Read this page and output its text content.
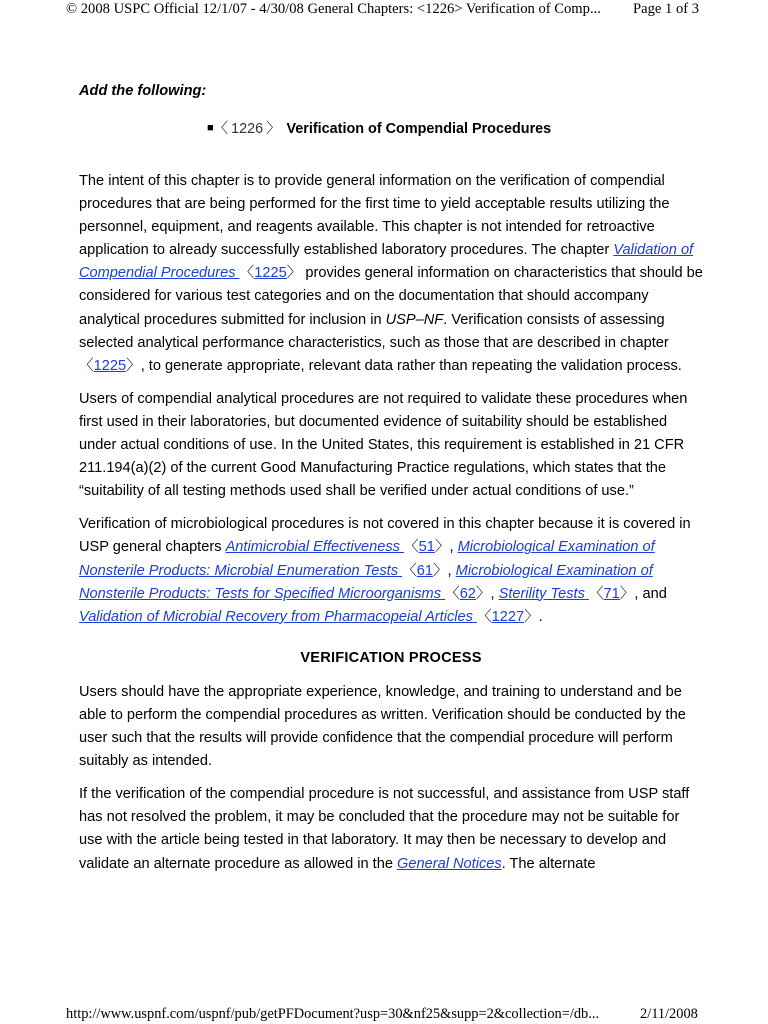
© 2008 USPC Official 12/1/07 - 4/30/08 General Chapters: <1226> Verification of Comp... Page 1 of 3
Add the following:
■〈 1226 〉 Verification of Compendial Procedures

The intent of this chapter is to provide general information on the verification of compendial procedures that are being performed for the first time to yield acceptable results utilizing the personnel, equipment, and reagents available. This chapter is not intended for retroactive application to already successfully established laboratory procedures. The chapter Validation of Compendial Procedures 〈1225〉 provides general information on characteristics that should be considered for various test categories and on the documentation that should accompany analytical procedures submitted for inclusion in USP–NF. Verification consists of assessing selected analytical performance characteristics, such as those that are described in chapter 〈1225〉, to generate appropriate, relevant data rather than repeating the validation process.

Users of compendial analytical procedures are not required to validate these procedures when first used in their laboratories, but documented evidence of suitability should be established under actual conditions of use. In the United States, this requirement is established in 21 CFR 211.194(a)(2) of the current Good Manufacturing Practice regulations, which states that the “suitability of all testing methods used shall be verified under actual conditions of use.”

Verification of microbiological procedures is not covered in this chapter because it is covered in USP general chapters Antimicrobial Effectiveness 〈51〉, Microbiological Examination of Nonsterile Products: Microbial Enumeration Tests 〈61〉, Microbiological Examination of Nonsterile Products: Tests for Specified Microorganisms 〈62〉, Sterility Tests 〈71〉, and Validation of Microbial Recovery from Pharmacopeial Articles 〈1227〉.

VERIFICATION PROCESS

Users should have the appropriate experience, knowledge, and training to understand and be able to perform the compendial procedures as written. Verification should be conducted by the user such that the results will provide confidence that the compendial procedure will perform suitably as intended.

If the verification of the compendial procedure is not successful, and assistance from USP staff has not resolved the problem, it may be concluded that the procedure may not be suitable for use with the article being tested in that laboratory. It may then be necessary to develop and validate an alternate procedure as allowed in the General Notices. The alternate

http://www.uspnf.com/uspnf/pub/getPFDocument?usp=30&nf25&supp=2&collection=/db...	2/11/2008
